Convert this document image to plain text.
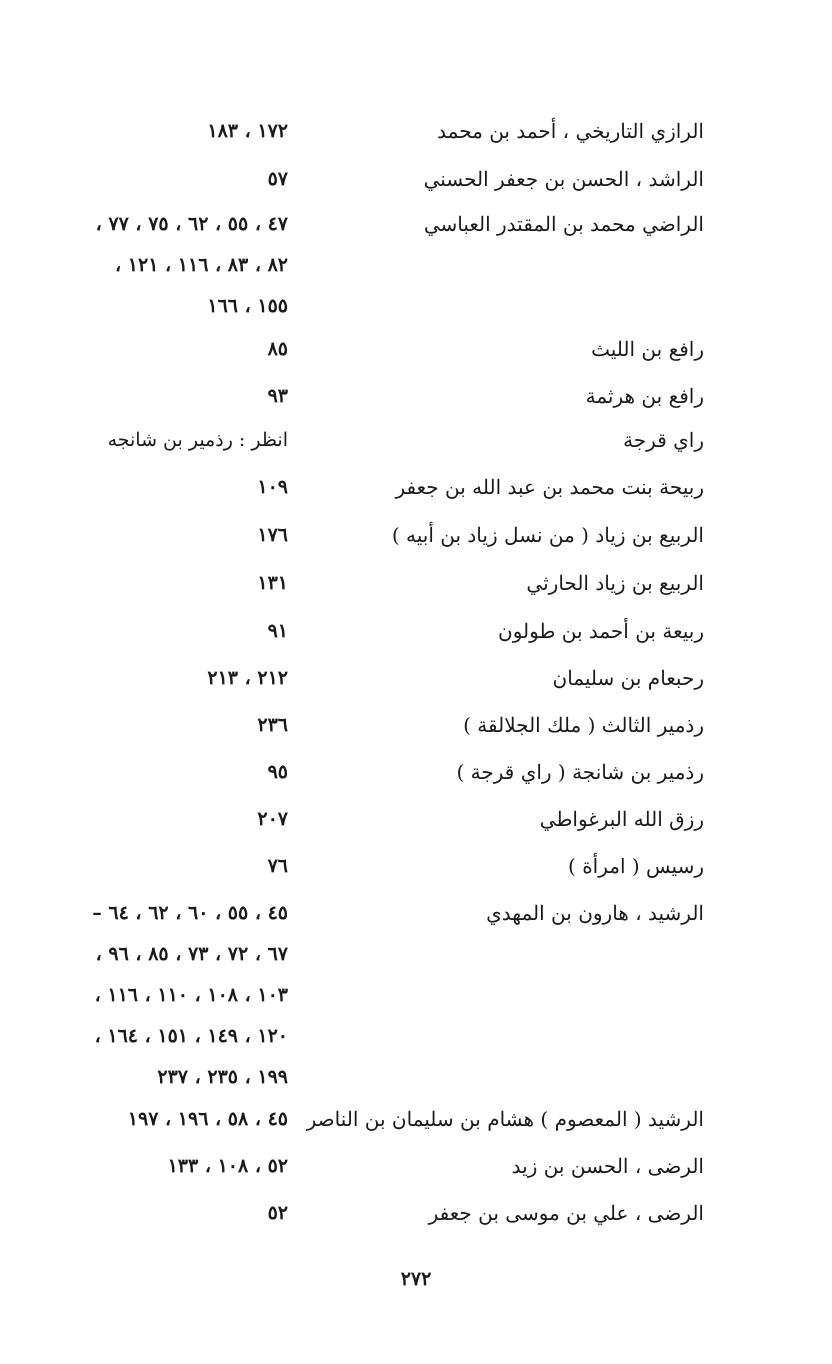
الرازي التاريخي ، أحمد بن محمد
١٧٢ ، ١٨٣
الراشد ، الحسن بن جعفر الحسني
٥٧
الراضي محمد بن المقتدر العباسي
٤٧ ، ٥٥ ، ٦٢ ، ٧٥ ، ٧٧ ،
٨٢ ، ٨٣ ، ١١٦ ، ١٢١ ،
١٥٥ ، ١٦٦
رافع بن الليث
٨٥
رافع بن هرثمة
٩٣
راي قرجة
انظر : رذمير بن شانجه
ربيحة بنت محمد بن عبد الله بن جعفر
١٠٩
الربيع بن زياد ( من نسل زياد بن أبيه )
١٧٦
الربيع بن زياد الحارثي
١٣١
ربيعة بن أحمد بن طولون
٩١
رحبعام بن سليمان
٢١٢ ، ٢١٣
رذمير الثالث ( ملك الجلالقة )
٢٣٦
رذمير بن شانجة ( راي قرجة )
٩٥
رزق الله البرغواطي
٢٠٧
رسيس ( امرأة )
٧٦
الرشيد ، هارون بن المهدي
٤٥ ، ٥٥ ، ٦٠ ، ٦٢ ، ٦٤ –
٦٧ ، ٧٢ ، ٧٣ ، ٨٥ ، ٩٦ ،
١٠٣ ، ١٠٨ ، ١١٠ ، ١١٦ ،
١٢٠ ، ١٤٩ ، ١٥١ ، ١٦٤ ،
١٩٩ ، ٢٣٥ ، ٢٣٧
الرشيد ( المعصوم ) هشام بن سليمان بن الناصر
٤٥ ، ٥٨ ، ١٩٦ ، ١٩٧
الرضى ، الحسن بن زيد
٥٢ ، ١٠٨ ، ١٣٣
الرضى ، علي بن موسى بن جعفر
٥٢
٢٧٢
